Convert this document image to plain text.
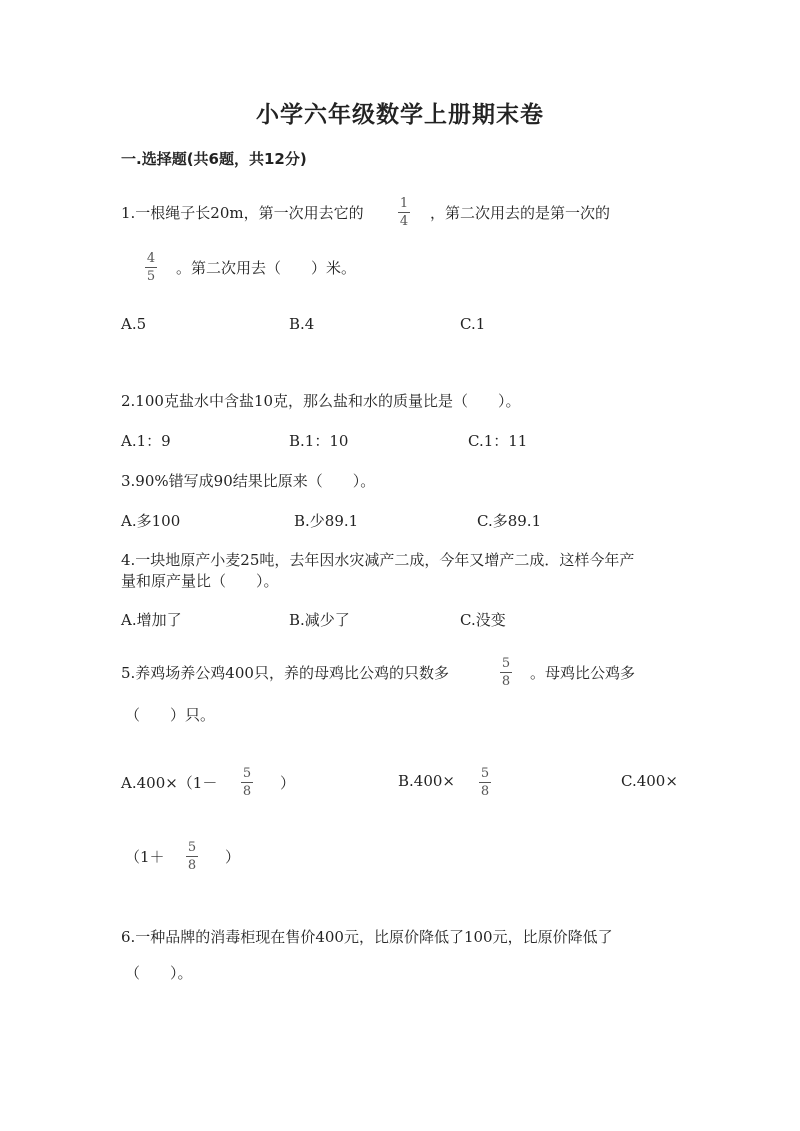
小学六年级数学上册期末卷
一.选择题(共6题，共12分)
1.一根绳子长20m，第一次用去它的
1
4 ，第二次用去的是第一次的
4
5 。第二次用去（　　）米。
A.5	B.4	C.1
2.100克盐水中含盐10克，那么盐和水的质量比是（　　）。
A.1：9	B.1：10	C.1：11
3.90%错写成90结果比原来（　　）。
A.多100	B.少89.1	C.多89.1
4.一块地原产小麦25吨，去年因水灾减产二成，今年又增产二成．这样今年产
量和原产量比（　　）。
A.增加了	B.减少了	C.没变
5.养鸡场养公鸡400只，养的母鸡比公鸡的只数多
5
8 。母鸡比公鸡多
（　　）只。
A.400×（1－
5
8 ）	B.400× 5
8
C.400×
（1＋
5
8 ）
6.一种品牌的消毒柜现在售价400元，比原价降低了100元，比原价降低了
（　　）。
